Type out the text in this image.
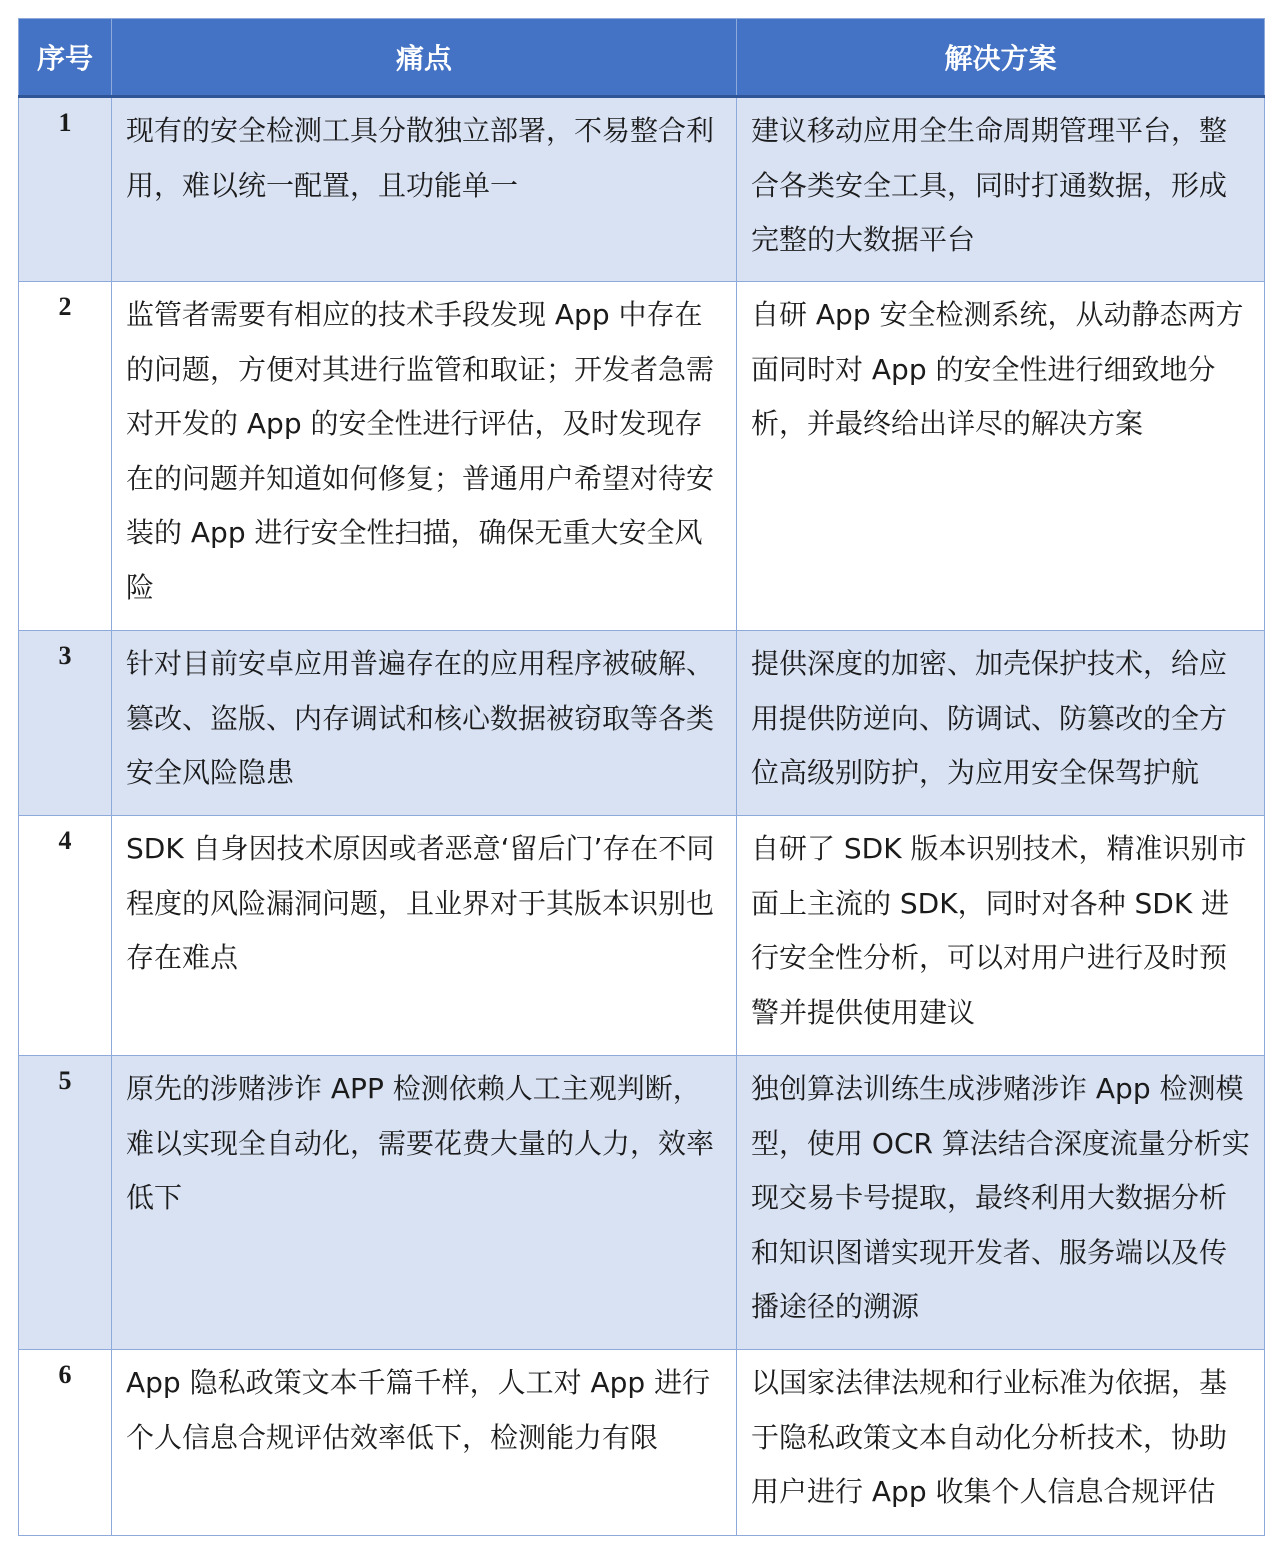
序号	痛点	解决方案
1	现有的安全检测工具分散独立部署，不易整合利用，难以统一配置，且功能单一	建议移动应用全生命周期管理平台，整合各类安全工具，同时打通数据，形成完整的大数据平台
2	监管者需要有相应的技术手段发现 App 中存在的问题，方便对其进行监管和取证；开发者急需对开发的 App 的安全性进行评估，及时发现存在的问题并知道如何修复；普通用户希望对待安装的 App 进行安全性扫描，确保无重大安全风险	自研 App 安全检测系统，从动静态两方面同时对 App 的安全性进行细致地分析，并最终给出详尽的解决方案
3	针对目前安卓应用普遍存在的应用程序被破解、篡改、盗版、内存调试和核心数据被窃取等各类安全风险隐患	提供深度的加密、加壳保护技术，给应用提供防逆向、防调试、防篡改的全方位高级别防护，为应用安全保驾护航
4	SDK 自身因技术原因或者恶意‘留后门’存在不同程度的风险漏洞问题，且业界对于其版本识别也存在难点	自研了 SDK 版本识别技术，精准识别市面上主流的 SDK，同时对各种 SDK 进行安全性分析，可以对用户进行及时预警并提供使用建议
5	原先的涉赌涉诈 APP 检测依赖人工主观判断，难以实现全自动化，需要花费大量的人力，效率低下	独创算法训练生成涉赌涉诈 App 检测模型，使用 OCR 算法结合深度流量分析实现交易卡号提取，最终利用大数据分析和知识图谱实现开发者、服务端以及传播途径的溯源
6	App 隐私政策文本千篇千样，人工对 App 进行个人信息合规评估效率低下，检测能力有限	以国家法律法规和行业标准为依据，基于隐私政策文本自动化分析技术，协助用户进行 App 收集个人信息合规评估
